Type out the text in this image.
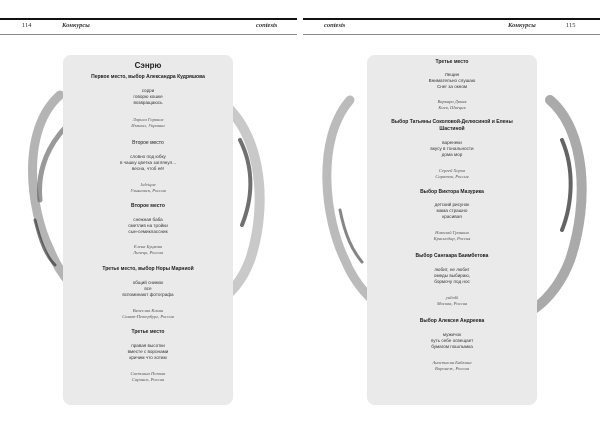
114	Конкурсы	contests	contests	Конкурсы	115

Сэнрю

Первое место, выбор Александра Кудряшова

сорри

говорю кошке

возвращаюсь

Лариса Горвиох

Измаил, Украина

Второе место

словно под юбку

в чашку цветка заглянул...

весна, чтоб её!

Jalvique

Ульяновск, Россия

Второе место

снежная баба

сметлив на тройки

сын-семиклассник

Елена Буцкова

Липецк, Россия

Третье место, выбор Норы Марниой

общий снимок

все

вспоминают фотографа

Вячеслав Кахан

Санкт-Петербург, Россия

Третье место

правая высотки

вместе с воронами

кричим что хотим

Светлана Попова

Саранск, Россия

Третье место

Лещин

Внимательно слушаю

Снег за окном

Варвара Дикая

Киев, Швеция

Выбор Татьяны Соколовой-Делюсиной и Елены Шастиной

варенеки

вкусу в тональности

дома мор

Сергей Хоров

Саратов, Россия

Выбор Виктора Мазурика

детский рисунок

мама страшно

красивая

Николай Гранкин

Краснодар, Россия

Выбор Сангаара Баимбетова

любит, не любит

омеды выбираю,

бормочу под нос

yuliolk

Москва, Россия

Выбор Алексея Андреева

мужичок

путь себе освещает

бумагом пошлымка

Анастасия Бабкина

Воронеж, Россия
